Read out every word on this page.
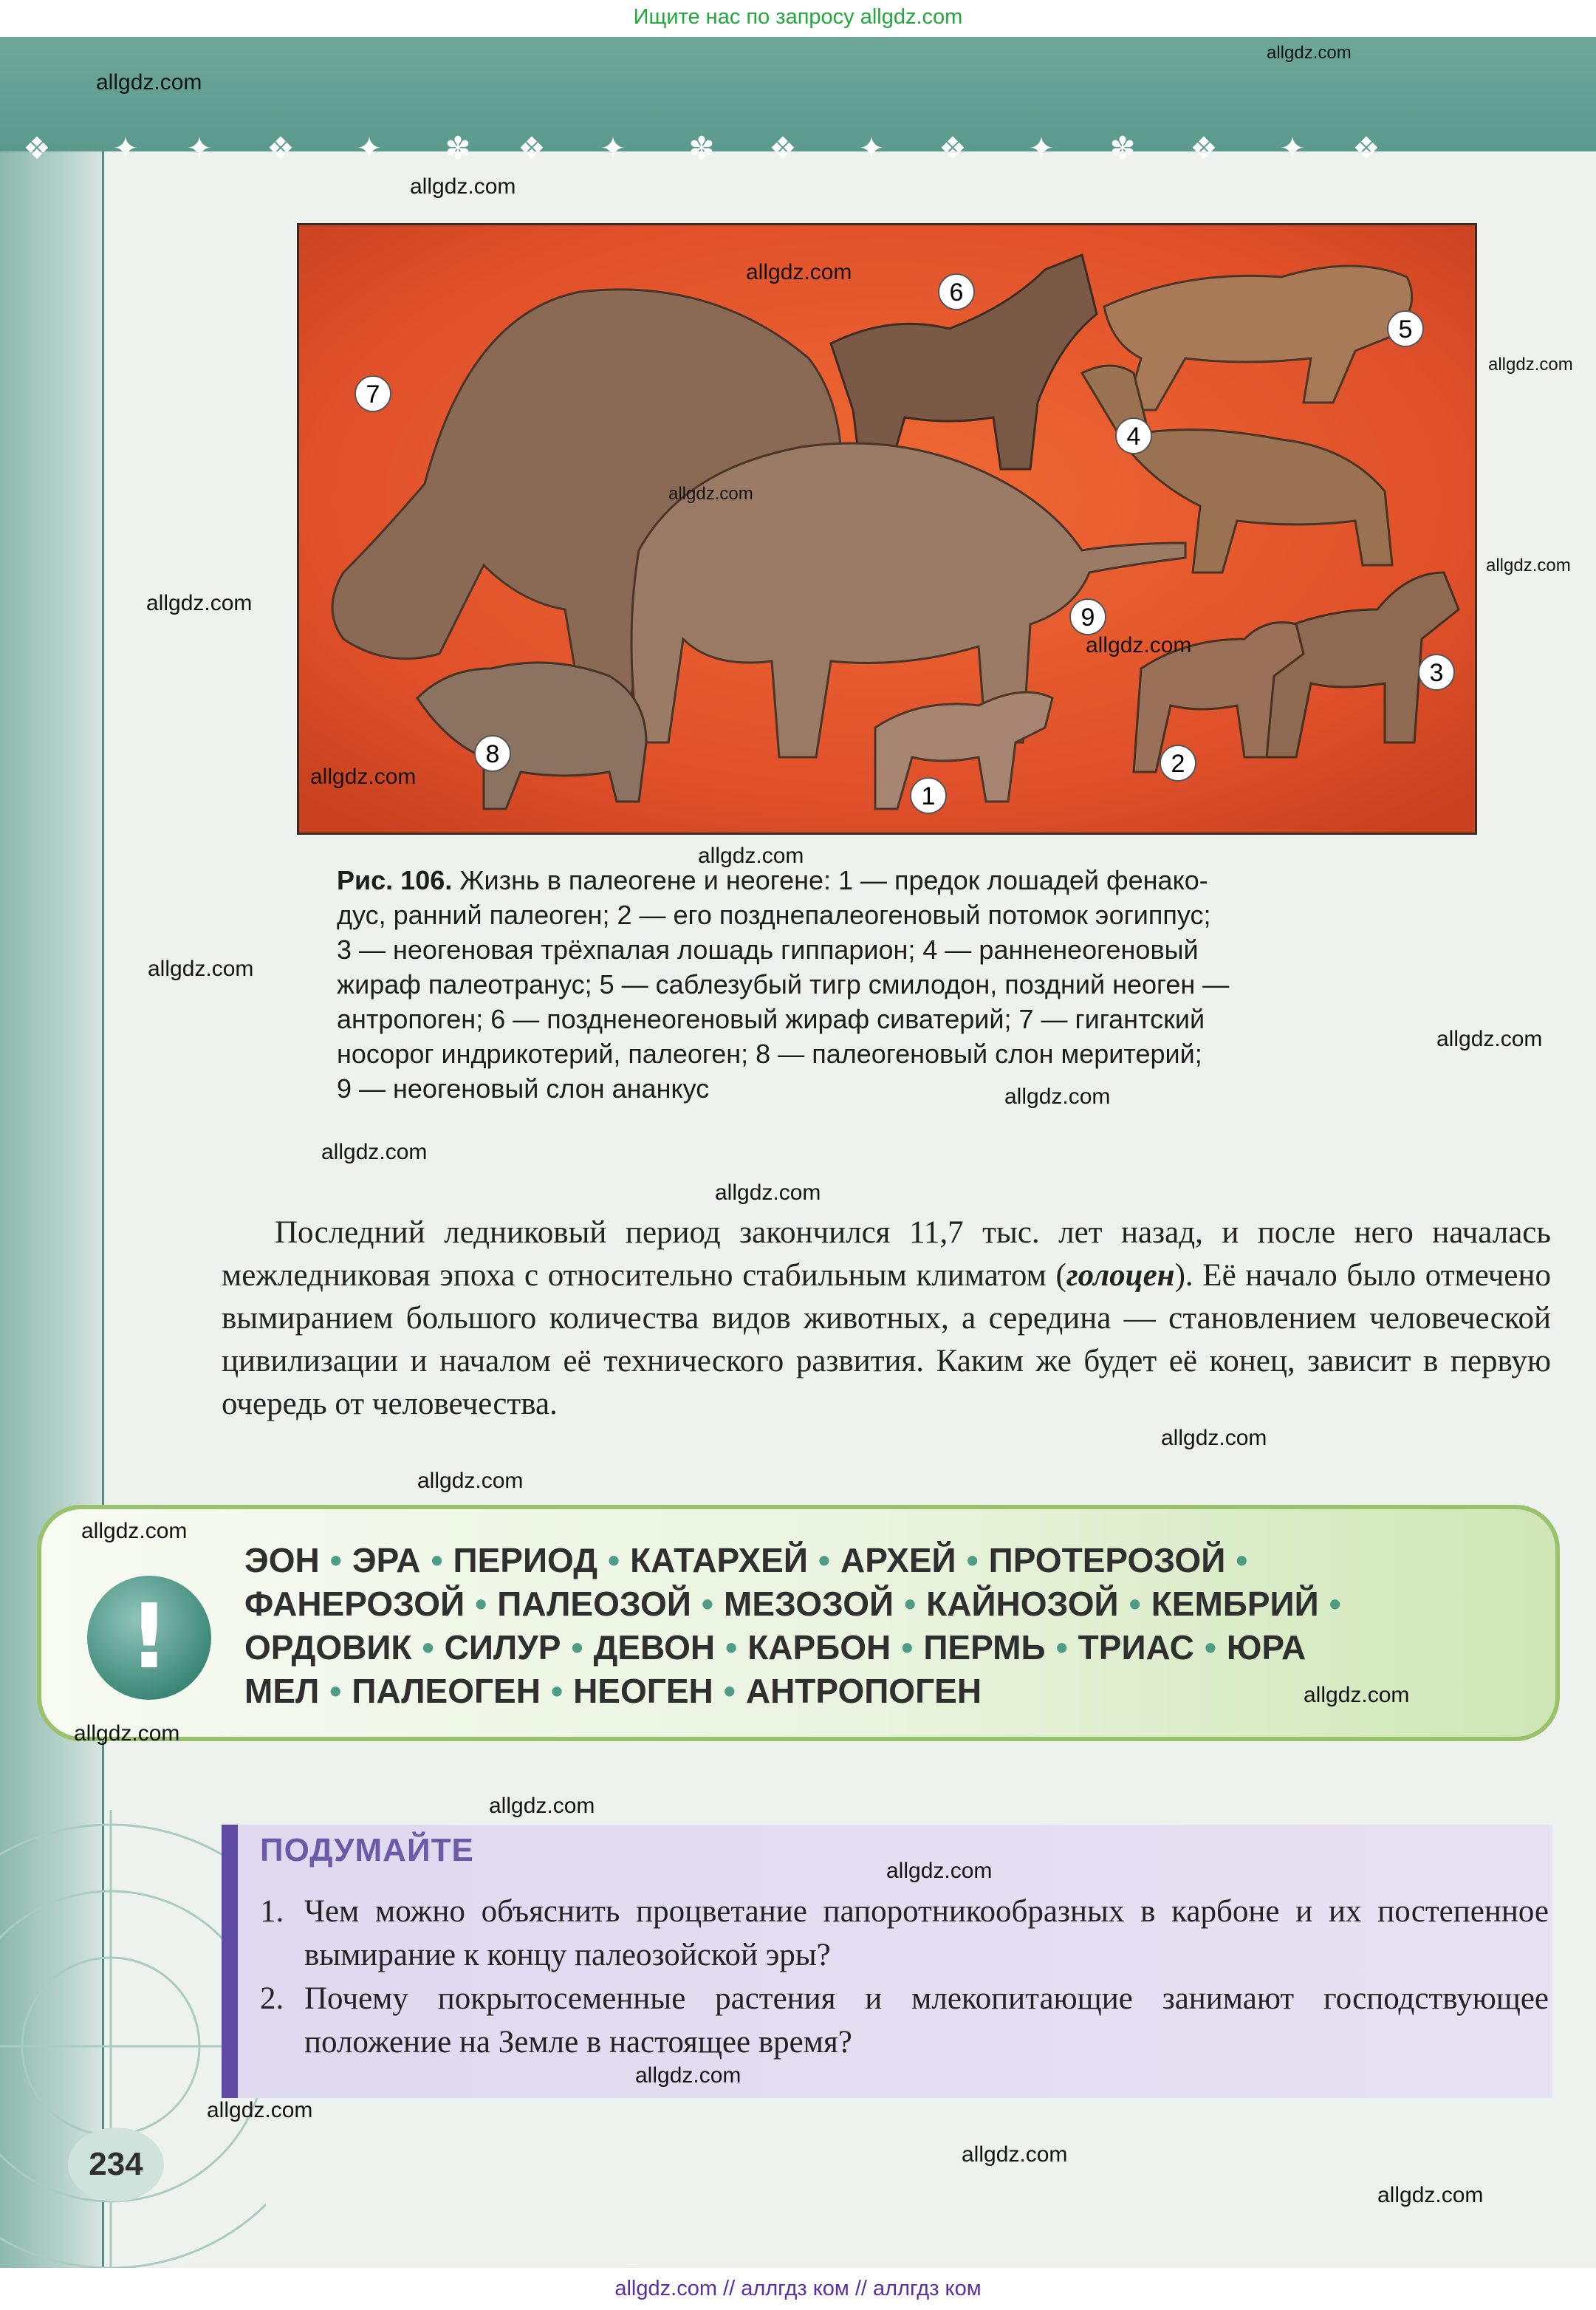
Ищите нас по запросу allgdz.com
❖ ✦ ✦ ❖ ✦ ✽ ❖ ✦ ✽ ❖ ✦ ❖ ✦ ✽ ❖ ✦ ❖
1
2
3
4
5
6
7
8
9
Рис. 106. Жизнь в палеогене и неогене: 1 — предок лошадей фенако-
дус, ранний палеоген; 2 — его позднепалеогеновый потомок эогиппус;
3 — неогеновая трёхпалая лошадь гиппарион; 4 — ранненеогеновый
жираф палеотранус; 5 — саблезубый тигр смилодон, поздний неоген —
антропоген; 6 — поздненеогеновый жираф сиватерий; 7 — гигантский
носорог индрикотерий, палеоген; 8 — палеогеновый слон меритерий;
9 — неогеновый слон ананкус
Последний ледниковый период закончился 11,7 тыс. лет назад, и после него началась межледниковая эпоха с относительно стабильным климатом (голоцен). Её начало было отмечено вымиранием большого количества видов животных, а середина — становлением человеческой цивилизации и началом её технического развития. Каким же будет её конец, зависит в первую очередь от человечества.
!
ЭОН • ЭРА • ПЕРИОД • КАТАРХЕЙ • АРХЕЙ • ПРОТЕРОЗОЙ •
ФАНЕРОЗОЙ • ПАЛЕОЗОЙ • МЕЗОЗОЙ • КАЙНОЗОЙ • КЕМБРИЙ •
ОРДОВИК • СИЛУР • ДЕВОН • КАРБОН • ПЕРМЬ • ТРИАС • ЮРА
МЕЛ • ПАЛЕОГЕН • НЕОГЕН • АНТРОПОГЕН
ПОДУМАЙТЕ
1. Чем можно объяснить процветание папоротникообразных в карбоне и их постепенное вымирание к концу палеозойской эры?
2. Почему покрытосеменные растения и млекопитающие занимают господствующее положение на Земле в настоящее время?
234
allgdz.com
allgdz.com
allgdz.com
allgdz.com
allgdz.com
allgdz.com
allgdz.com
allgdz.com
allgdz.com
allgdz.com
allgdz.com
allgdz.com
allgdz.com
allgdz.com
allgdz.com
allgdz.com
allgdz.com
allgdz.com
allgdz.com
allgdz.com
allgdz.com
allgdz.com
allgdz.com
allgdz.com
allgdz.com
allgdz.com
allgdz.com
allgdz.com // аллгдз ком // аллгдз ком
